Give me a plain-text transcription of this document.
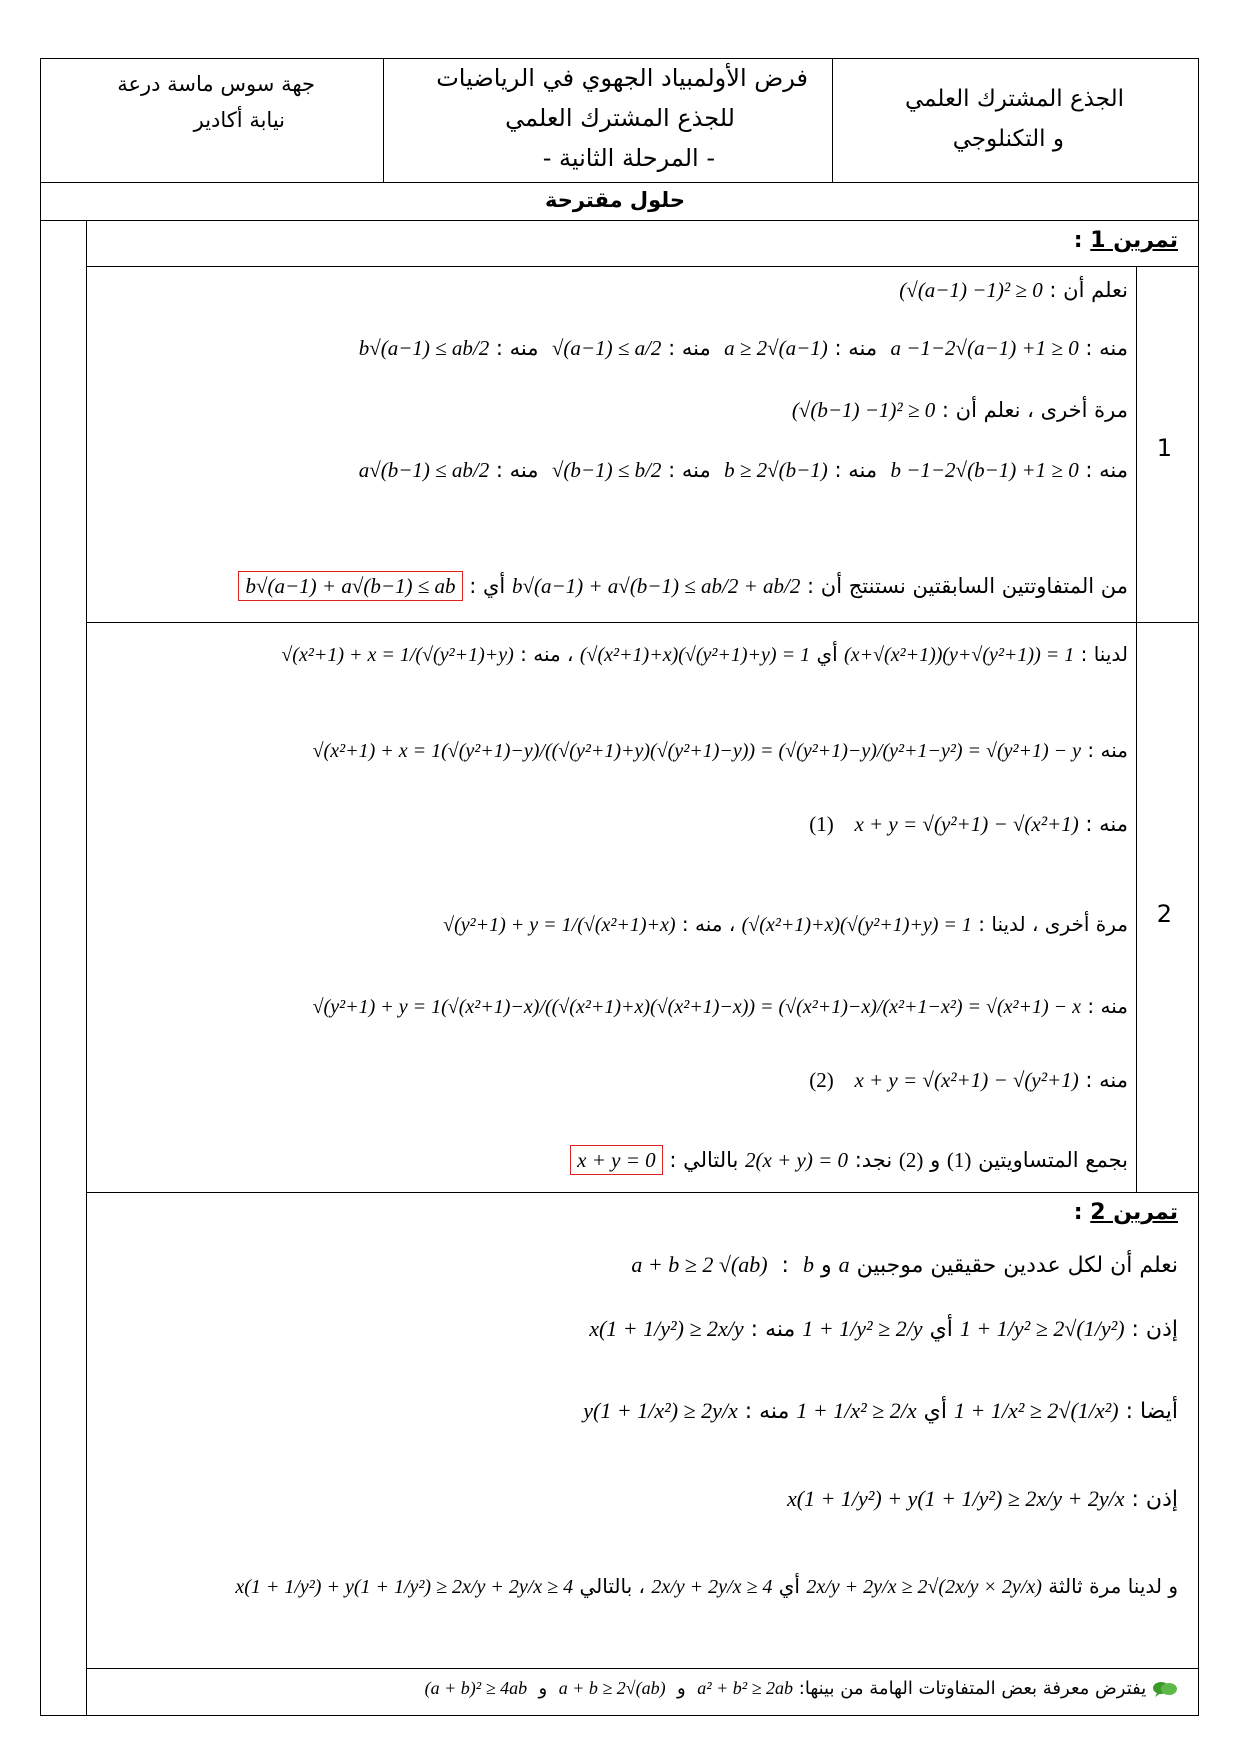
الجذع المشترك العلمي
و التكنلوجي
فرض الأولمبياد الجهوي في الرياضيات
للجذع المشترك العلمي
- المرحلة الثانية -
جهة سوس ماسة درعة
نيابة أكادير
حلول مقترحة
تمرين 1 :
1
نعلم أن : (√(a−1) −1)² ≥ 0
منه : a −1−2√(a−1) +1 ≥ 0  منه : a ≥ 2√(a−1)  منه : √(a−1) ≤ a/2  منه : b√(a−1) ≤ ab/2
مرة أخرى ، نعلم أن : (√(b−1) −1)² ≥ 0
منه : b −1−2√(b−1) +1 ≥ 0  منه : b ≥ 2√(b−1)  منه : √(b−1) ≤ b/2  منه : a√(b−1) ≤ ab/2
من المتفاوتتين السابقتين نستنتج أن : b√(a−1) + a√(b−1) ≤ ab/2 + ab/2 أي : b√(a−1) + a√(b−1) ≤ ab
2
لدينا : (x+√(x²+1))(y+√(y²+1)) = 1 أي (√(x²+1)+x)(√(y²+1)+y) = 1 ، منه : √(x²+1) + x = 1/(√(y²+1)+y)
منه : √(x²+1) + x = 1(√(y²+1)−y)/((√(y²+1)+y)(√(y²+1)−y)) = (√(y²+1)−y)/(y²+1−y²) = √(y²+1) − y
منه : x + y = √(y²+1) − √(x²+1) (1)
مرة أخرى ، لدينا : (√(x²+1)+x)(√(y²+1)+y) = 1 ، منه : √(y²+1) + y = 1/(√(x²+1)+x)
منه : √(y²+1) + y = 1(√(x²+1)−x)/((√(x²+1)+x)(√(x²+1)−x)) = (√(x²+1)−x)/(x²+1−x²) = √(x²+1) − x
منه : x + y = √(x²+1) − √(y²+1) (2)
بجمع المتساويتين (1) و (2) نجد: 2(x + y) = 0 بالتالي : x + y = 0
تمرين 2 :
نعلم أن لكل عددين حقيقين موجبين a و b  :  a + b ≥ 2 √(ab)
إذن : 1 + 1/y² ≥ 2√(1/y²) أي 1 + 1/y² ≥ 2/y منه : x(1 + 1/y²) ≥ 2x/y
أيضا : 1 + 1/x² ≥ 2√(1/x²) أي 1 + 1/x² ≥ 2/x منه : y(1 + 1/x²) ≥ 2y/x
إذن : x(1 + 1/y²) + y(1 + 1/y²) ≥ 2x/y + 2y/x
و لدينا مرة ثالثة 2x/y + 2y/x ≥ 2√(2x/y × 2y/x) أي 2x/y + 2y/x ≥ 4 ، بالتالي x(1 + 1/y²) + y(1 + 1/y²) ≥ 2x/y + 2y/x ≥ 4
يفترض معرفة بعض المتفاوتات الهامة من بينها: a² + b² ≥ 2ab  و  a + b ≥ 2√(ab)  و  (a + b)² ≥ 4ab
